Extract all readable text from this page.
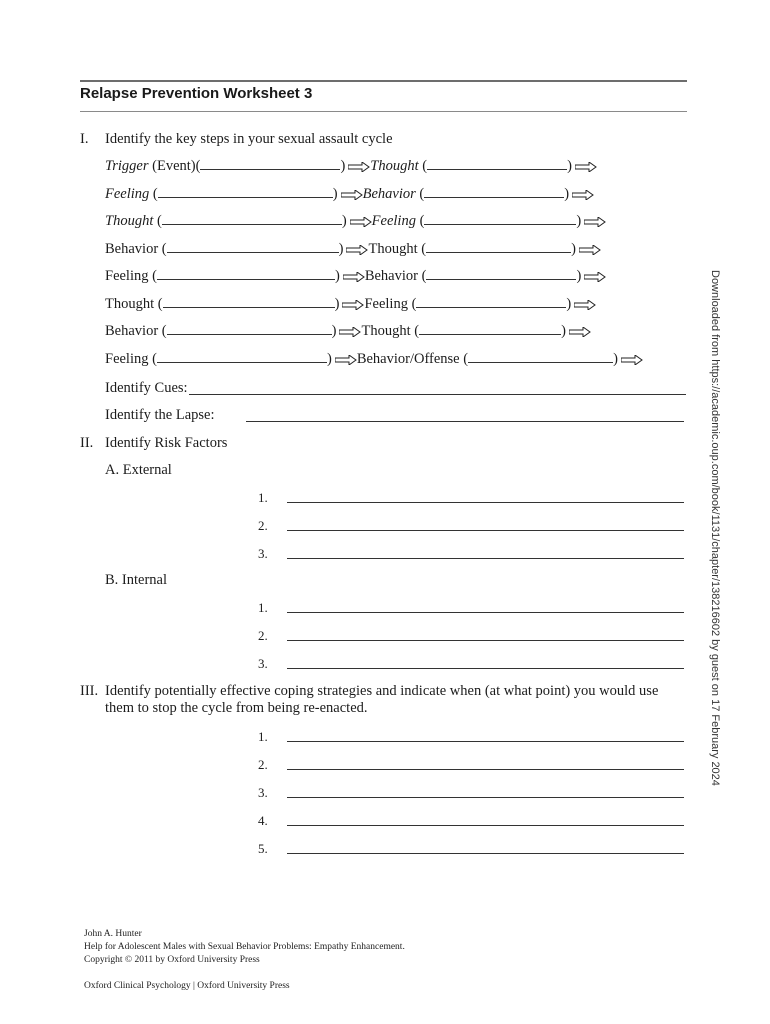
Relapse Prevention Worksheet 3
I. Identify the key steps in your sexual assault cycle
Trigger (Event)(	) Thought (	)
Feeling (	) Behavior (	)
Thought (	) Feeling (	)
Behavior (	) Thought (	)
Feeling (	) Behavior (	)
Thought (	) Feeling (	)
Behavior (	) Thought (	)
Feeling (	) Behavior/Offense (	)
Identify Cues:
Identify the Lapse:
II. Identify Risk Factors
A. External
1.
2.
3.
B. Internal
1.
2.
3.
III. Identify potentially effective coping strategies and indicate when (at what point) you would use
them to stop the cycle from being re-enacted.
1.
2.
3.
4.
5.
Downloaded from https://academic.oup.com/book/1131/chapter/138216602 by guest on 17 February 2024
John A. Hunter
Help for Adolescent Males with Sexual Behavior Problems: Empathy Enhancement.
Copyright © 2011 by Oxford University Press
Oxford Clinical Psychology | Oxford University Press
